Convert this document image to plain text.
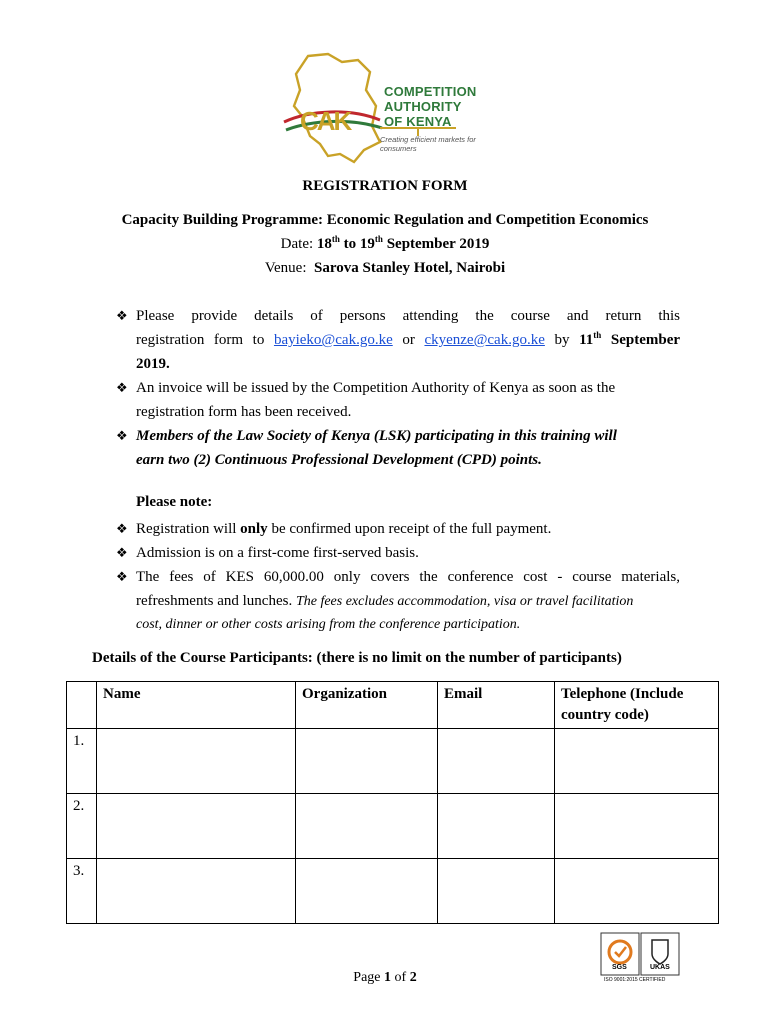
CAK
COMPETITION
AUTHORITY
OF KENYA
Creating efficient markets for consumers
REGISTRATION FORM
Capacity Building Programme: Economic Regulation and Competition Economics
Date: 18th to 19th September 2019
Venue: Sarova Stanley Hotel, Nairobi
❖ Please provide details of persons attending the course and return this
registration form to bayieko@cak.go.ke or ckyenze@cak.go.ke by 11th September
2019.
❖ An invoice will be issued by the Competition Authority of Kenya as soon as the
registration form has been received.
❖ Members of the Law Society of Kenya (LSK) participating in this training will
earn two (2) Continuous Professional Development (CPD) points.
Please note:
❖ Registration will only be confirmed upon receipt of the full payment.
❖ Admission is on a first-come first-served basis.
❖ The fees of KES 60,000.00 only covers the conference cost - course materials,
refreshments and lunches. The fees excludes accommodation, visa or travel facilitation
cost, dinner or other costs arising from the conference participation.
Details of the Course Participants: (there is no limit on the number of participants)
	Name	Organization	Email	Telephone (Include country code)
1.				
2.				
3.				
SGS	UKAS
ISO 9001:2015 CERTIFIED
Page 1 of 2
